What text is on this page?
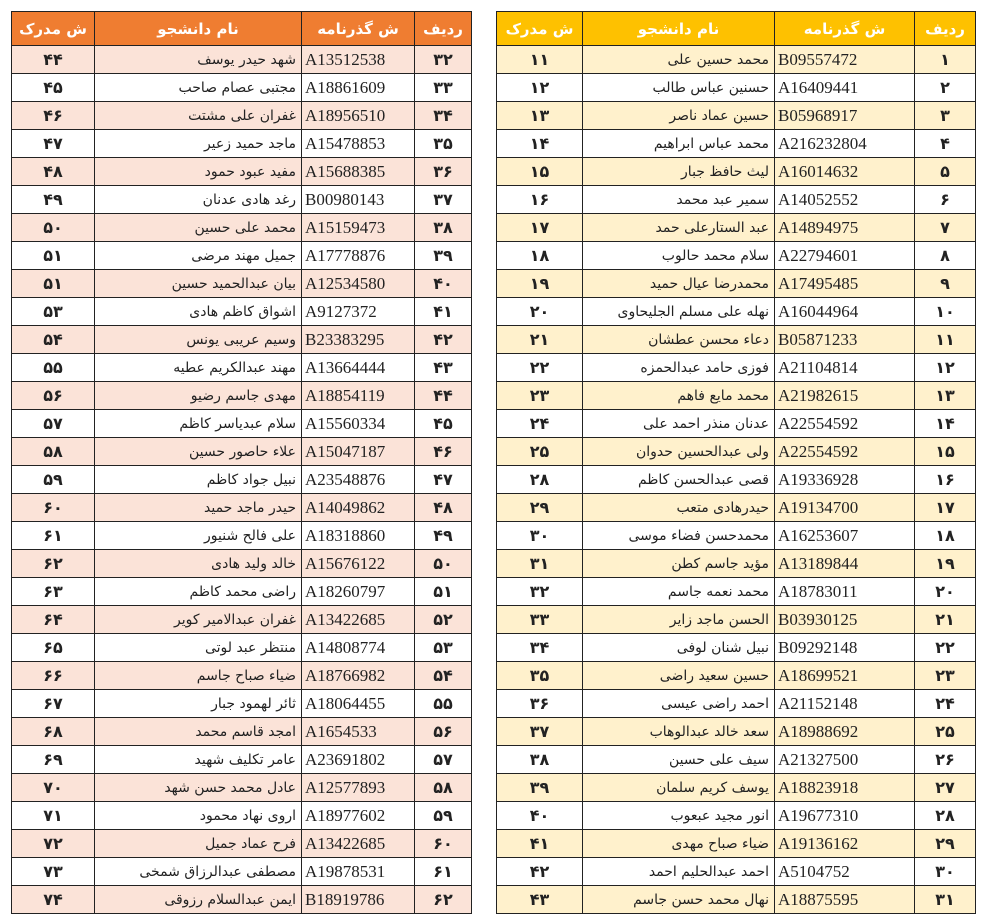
ش مدرک	نام دانشجو	ش گذرنامه	ردیف
۴۴	شهد حیدر یوسف	A13512538	۳۲
۴۵	مجتبی عصام صاحب	A18861609	۳۳
۴۶	غفران علی مشتت	A18956510	۳۴
۴۷	ماجد حمید زعیر	A15478853	۳۵
۴۸	مفید عبود حمود	A15688385	۳۶
۴۹	رغد هادی عدنان	B00980143	۳۷
۵۰	محمد علی حسین	A15159473	۳۸
۵۱	جمیل مهند مرضی	A17778876	۳۹
۵۱	بیان عبدالحمید حسین	A12534580	۴۰
۵۳	اشواق کاظم هادی	A9127372	۴۱
۵۴	وسیم عریبی یونس	B23383295	۴۲
۵۵	مهند عبدالکریم عطیه	A13664444	۴۳
۵۶	مهدی جاسم رضیو	A18854119	۴۴
۵۷	سلام عبدیاسر کاظم	A15560334	۴۵
۵۸	علاء حاصور حسین	A15047187	۴۶
۵۹	نبیل جواد کاظم	A23548876	۴۷
۶۰	حیدر ماجد حمید	A14049862	۴۸
۶۱	علی فالح شنیور	A18318860	۴۹
۶۲	خالد ولید هادی	A15676122	۵۰
۶۳	راضی محمد کاظم	A18260797	۵۱
۶۴	غفران عبدالامیر کویر	A13422685	۵۲
۶۵	منتظر عبد لوتی	A14808774	۵۳
۶۶	ضیاء صباح جاسم	A18766982	۵۴
۶۷	ثائر لهمود جبار	A18064455	۵۵
۶۸	امجد قاسم محمد	A1654533	۵۶
۶۹	عامر تکلیف شهید	A23691802	۵۷
۷۰	عادل محمد حسن شهد	A12577893	۵۸
۷۱	اروی نهاد محمود	A18977602	۵۹
۷۲	فرح عماد جمیل	A13422685	۶۰
۷۳	مصطفی عبدالرزاق شمخی	A19878531	۶۱
۷۴	ایمن عبدالسلام رزوقی	B18919786	۶۲
ش مدرک	نام دانشجو	ش گذرنامه	ردیف
۱۱	محمد حسین علی	B09557472	۱
۱۲	حسنین عباس طالب	A16409441	۲
۱۳	حسین عماد ناصر	B05968917	۳
۱۴	محمد عباس ابراهیم	A216232804	۴
۱۵	لیث حافظ جبار	A16014632	۵
۱۶	سمیر عبد محمد	A14052552	۶
۱۷	عبد الستارعلی حمد	A14894975	۷
۱۸	سلام محمد حالوب	A22794601	۸
۱۹	محمدرضا عیال حمید	A17495485	۹
۲۰	نهله علی مسلم الجلیحاوی	A16044964	۱۰
۲۱	دعاء محسن عطشان	B05871233	۱۱
۲۲	فوزی حامد عبدالحمزه	A21104814	۱۲
۲۳	محمد مایع فاهم	A21982615	۱۳
۲۴	عدنان منذر احمد علی	A22554592	۱۴
۲۵	ولی عبدالحسین حدوان	A22554592	۱۵
۲۸	قصی عبدالحسن کاظم	A19336928	۱۶
۲۹	حیدرهادی متعب	A19134700	۱۷
۳۰	محمدحسن فضاء موسی	A16253607	۱۸
۳۱	مؤید جاسم کطن	A13189844	۱۹
۳۲	محمد نعمه جاسم	A18783011	۲۰
۳۳	الحسن ماجد زایر	B03930125	۲۱
۳۴	نبیل شنان لوفی	B09292148	۲۲
۳۵	حسین سعید راضی	A18699521	۲۳
۳۶	احمد راضی عیسی	A21152148	۲۴
۳۷	سعد خالد عبدالوهاب	A18988692	۲۵
۳۸	سیف علی حسین	A21327500	۲۶
۳۹	یوسف کریم سلمان	A18823918	۲۷
۴۰	انور مجید عبعوب	A19677310	۲۸
۴۱	ضیاء صباح مهدی	A19136162	۲۹
۴۲	احمد عبدالحلیم احمد	A5104752	۳۰
۴۳	نهال محمد حسن جاسم	A18875595	۳۱
